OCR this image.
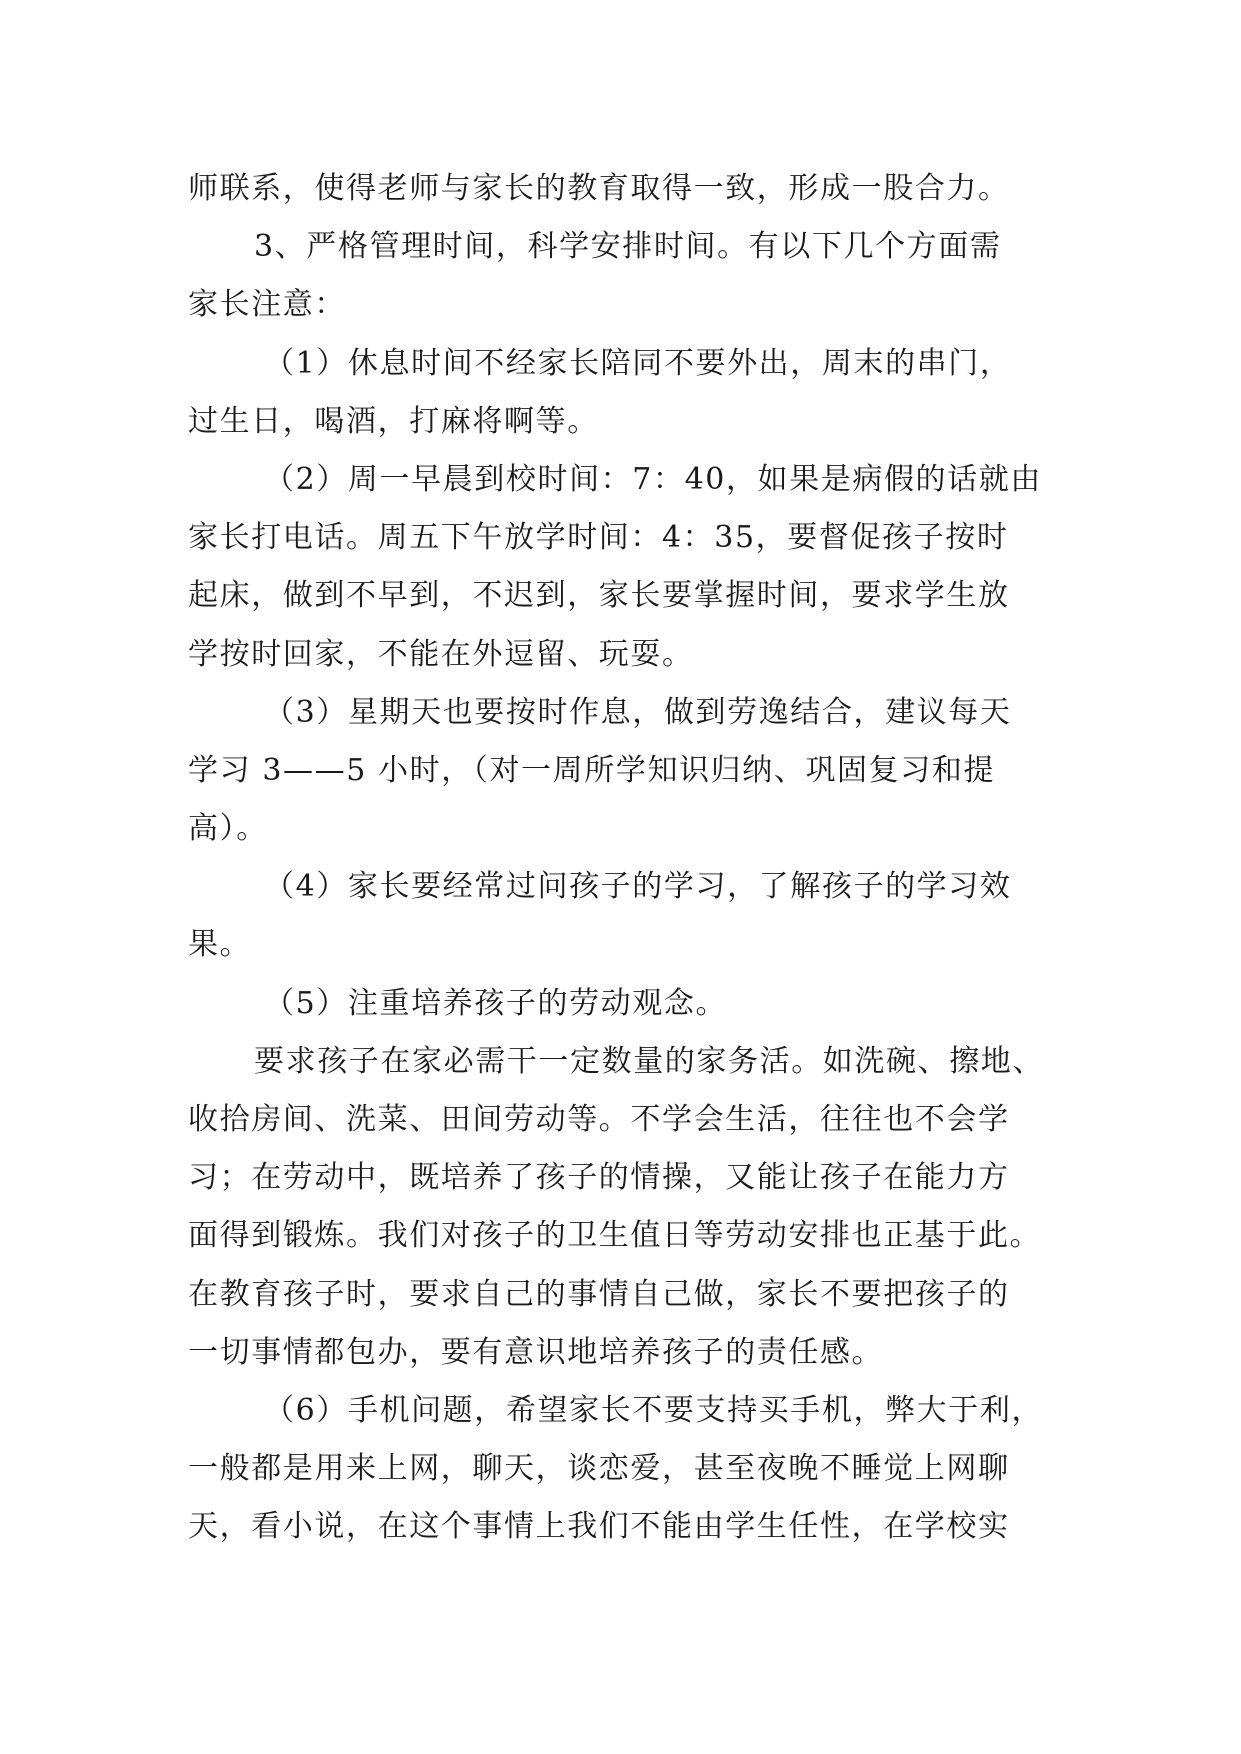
师联系，使得老师与家长的教育取得一致，形成一股合力。
3、严格管理时间，科学安排时间。有以下几个方面需
家长注意：
（1）休息时间不经家长陪同不要外出，周末的串门，
过生日，喝酒，打麻将啊等。
（2）周一早晨到校时间：7：40，如果是病假的话就由
家长打电话。周五下午放学时间：4：35，要督促孩子按时
起床，做到不早到，不迟到，家长要掌握时间，要求学生放
学按时回家，不能在外逗留、玩耍。
（3）星期天也要按时作息，做到劳逸结合，建议每天
学习 3——5 小时，（对一周所学知识归纳、巩固复习和提
高）。
（4）家长要经常过问孩子的学习，了解孩子的学习效
果。
（5）注重培养孩子的劳动观念。
要求孩子在家必需干一定数量的家务活。如洗碗、擦地、
收拾房间、洗菜、田间劳动等。不学会生活，往往也不会学
习；在劳动中，既培养了孩子的情操，又能让孩子在能力方
面得到锻炼。我们对孩子的卫生值日等劳动安排也正基于此。
在教育孩子时，要求自己的事情自己做，家长不要把孩子的
一切事情都包办，要有意识地培养孩子的责任感。
（6）手机问题，希望家长不要支持买手机，弊大于利，
一般都是用来上网，聊天，谈恋爱，甚至夜晚不睡觉上网聊
天，看小说，在这个事情上我们不能由学生任性，在学校实
